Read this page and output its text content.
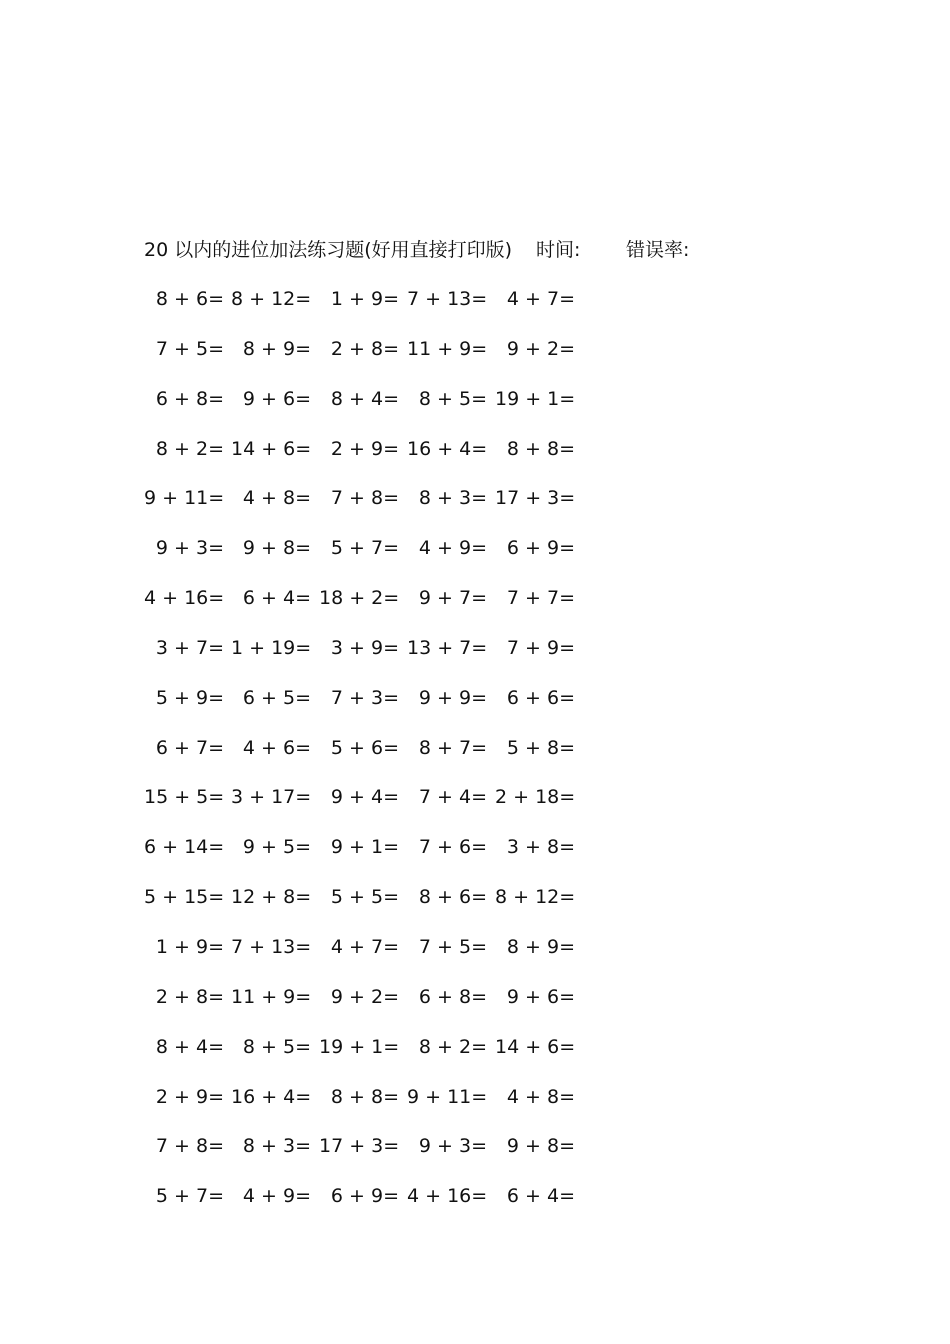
20 以内的进位加法练习题(好用直接打印版) 时间: 错误率:
8 + 6= 8 + 12=	1 + 9= 7 + 13=	4 + 7=
7 + 5= 8 + 9=	2 + 8= 11 + 9=	9 + 2=
6 + 8= 9 + 6=	8 + 4=	8 + 5= 19 + 1=
8 + 2= 14 + 6=	2 + 9= 16 + 4=	8 + 8=
9 + 11= 4 + 8=	7 + 8=	8 + 3= 17 + 3=
9 + 3= 9 + 8=	5 + 7=	4 + 9=	6 + 9=
4 + 16= 6 + 4= 18 + 2=	9 + 7=	7 + 7=
3 + 7= 1 + 19=	3 + 9= 13 + 7=	7 + 9=
5 + 9= 6 + 5=	7 + 3=	9 + 9=	6 + 6=
6 + 7= 4 + 6=	5 + 6=	8 + 7=	5 + 8=
15 + 5= 3 + 17=	9 + 4=	7 + 4= 2 + 18=
6 + 14= 9 + 5=	9 + 1=	7 + 6=	3 + 8=
5 + 15= 12 + 8=	5 + 5=	8 + 6= 8 + 12=
1 + 9= 7 + 13=	4 + 7=	7 + 5=	8 + 9=
2 + 8= 11 + 9=	9 + 2=	6 + 8=	9 + 6=
8 + 4= 8 + 5= 19 + 1=	8 + 2= 14 + 6=
2 + 9= 16 + 4=	8 + 8= 9 + 11=	4 + 8=
7 + 8= 8 + 3= 17 + 3=	9 + 3=	9 + 8=
5 + 7= 4 + 9=	6 + 9= 4 + 16=	6 + 4=
